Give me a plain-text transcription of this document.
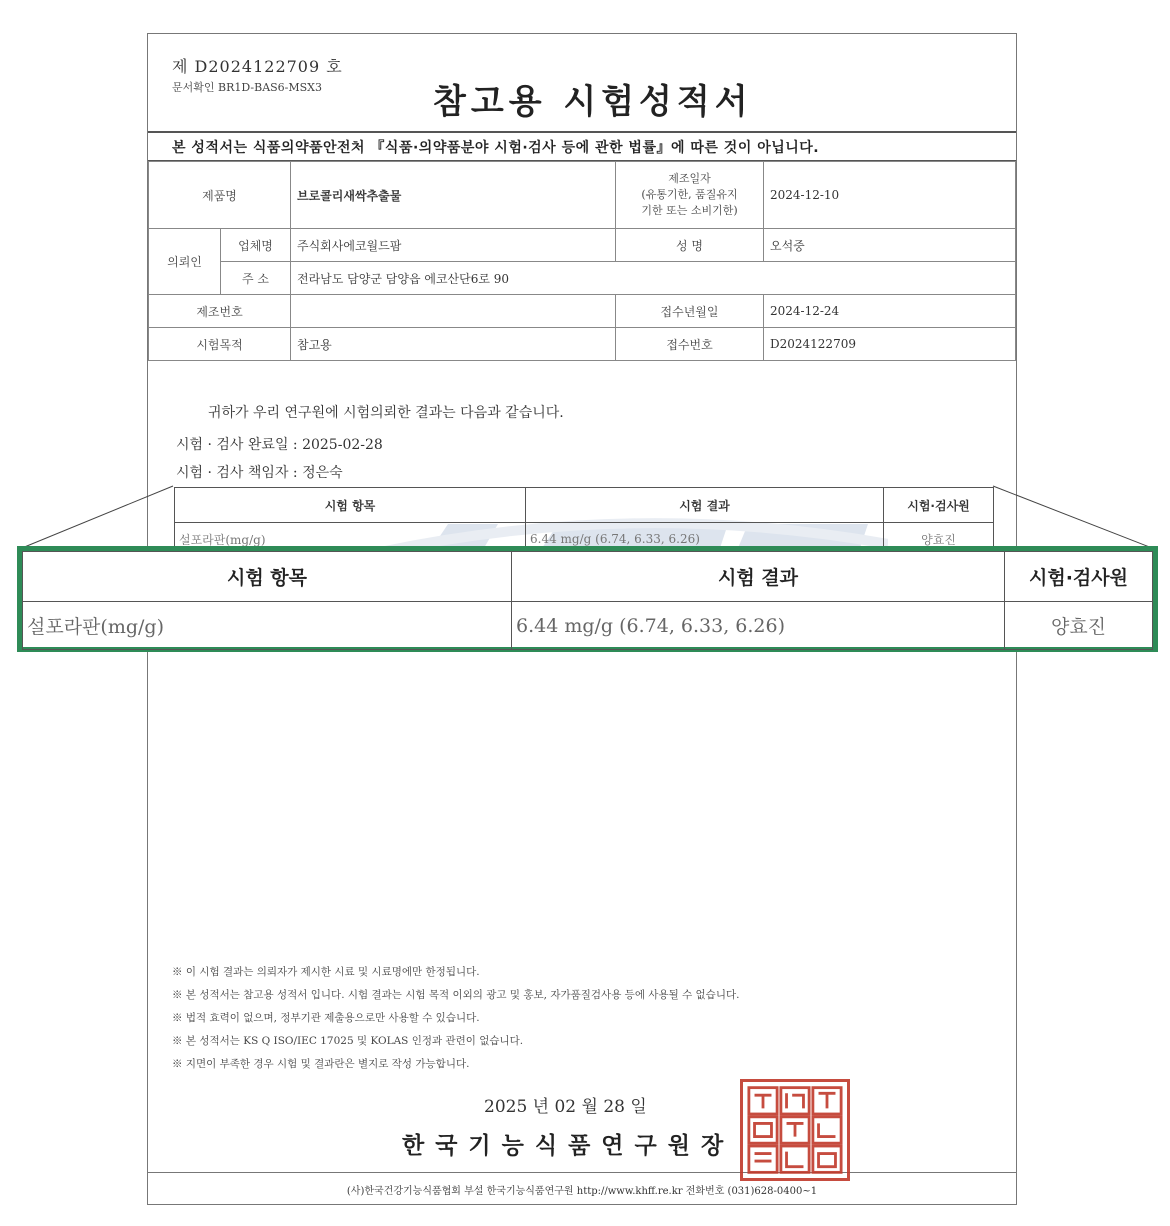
제 D2024122709 호
문서확인 BR1D-BAS6-MSX3	참고용 시험성적서
본 성적서는 식품의약품안전처 『식품·의약품분야 시험·검사 등에 관한 법률』에 따른 것이 아닙니다.
제품명		브로콜리새싹추출물	제조일자
(유통기한, 품질유지
기한 또는 소비기한)	2024-12-10
의뢰인	업체명	주식회사에코월드팜	성 명	오석중
	주 소	전라남도 담양군 담양읍 에코산단6로 90		
제조번호			접수년월일	2024-12-24
시험목적		참고용	접수번호	D2024122709
귀하가 우리 연구원에 시험의뢰한 결과는 다음과 같습니다.
시험 · 검사 완료일 : 2025-02-28
시험 · 검사 책임자 : 정은숙
시험 항목	시험 결과	시험·검사원
설포라판(mg/g)	6.44 mg/g (6.74, 6.33, 6.26)	양효진
※ 이 시험 결과는 의뢰자가 제시한 시료 및 시료명에만 한정됩니다.
※ 본 성적서는 참고용 성적서 입니다. 시험 결과는 시험 목적 이외의 광고 및 홍보, 자가품질검사용 등에 사용될 수 없습니다.
※ 법적 효력이 없으며, 정부기관 제출용으로만 사용할 수 있습니다.
※ 본 성적서는 KS Q ISO/IEC 17025 및 KOLAS 인정과 관련이 없습니다.
※ 지면이 부족한 경우 시험 및 결과란은 별지로 작성 가능합니다.
2025 년 02 월 28 일
한국기능식품연구원장
(사)한국건강기능식품협회 부설 한국기능식품연구원 http://www.khff.re.kr 전화번호 (031)628-0400~1
시험 항목	시험 결과	시험·검사원
설포라판(mg/g)	6.44 mg/g (6.74, 6.33, 6.26)	양효진
